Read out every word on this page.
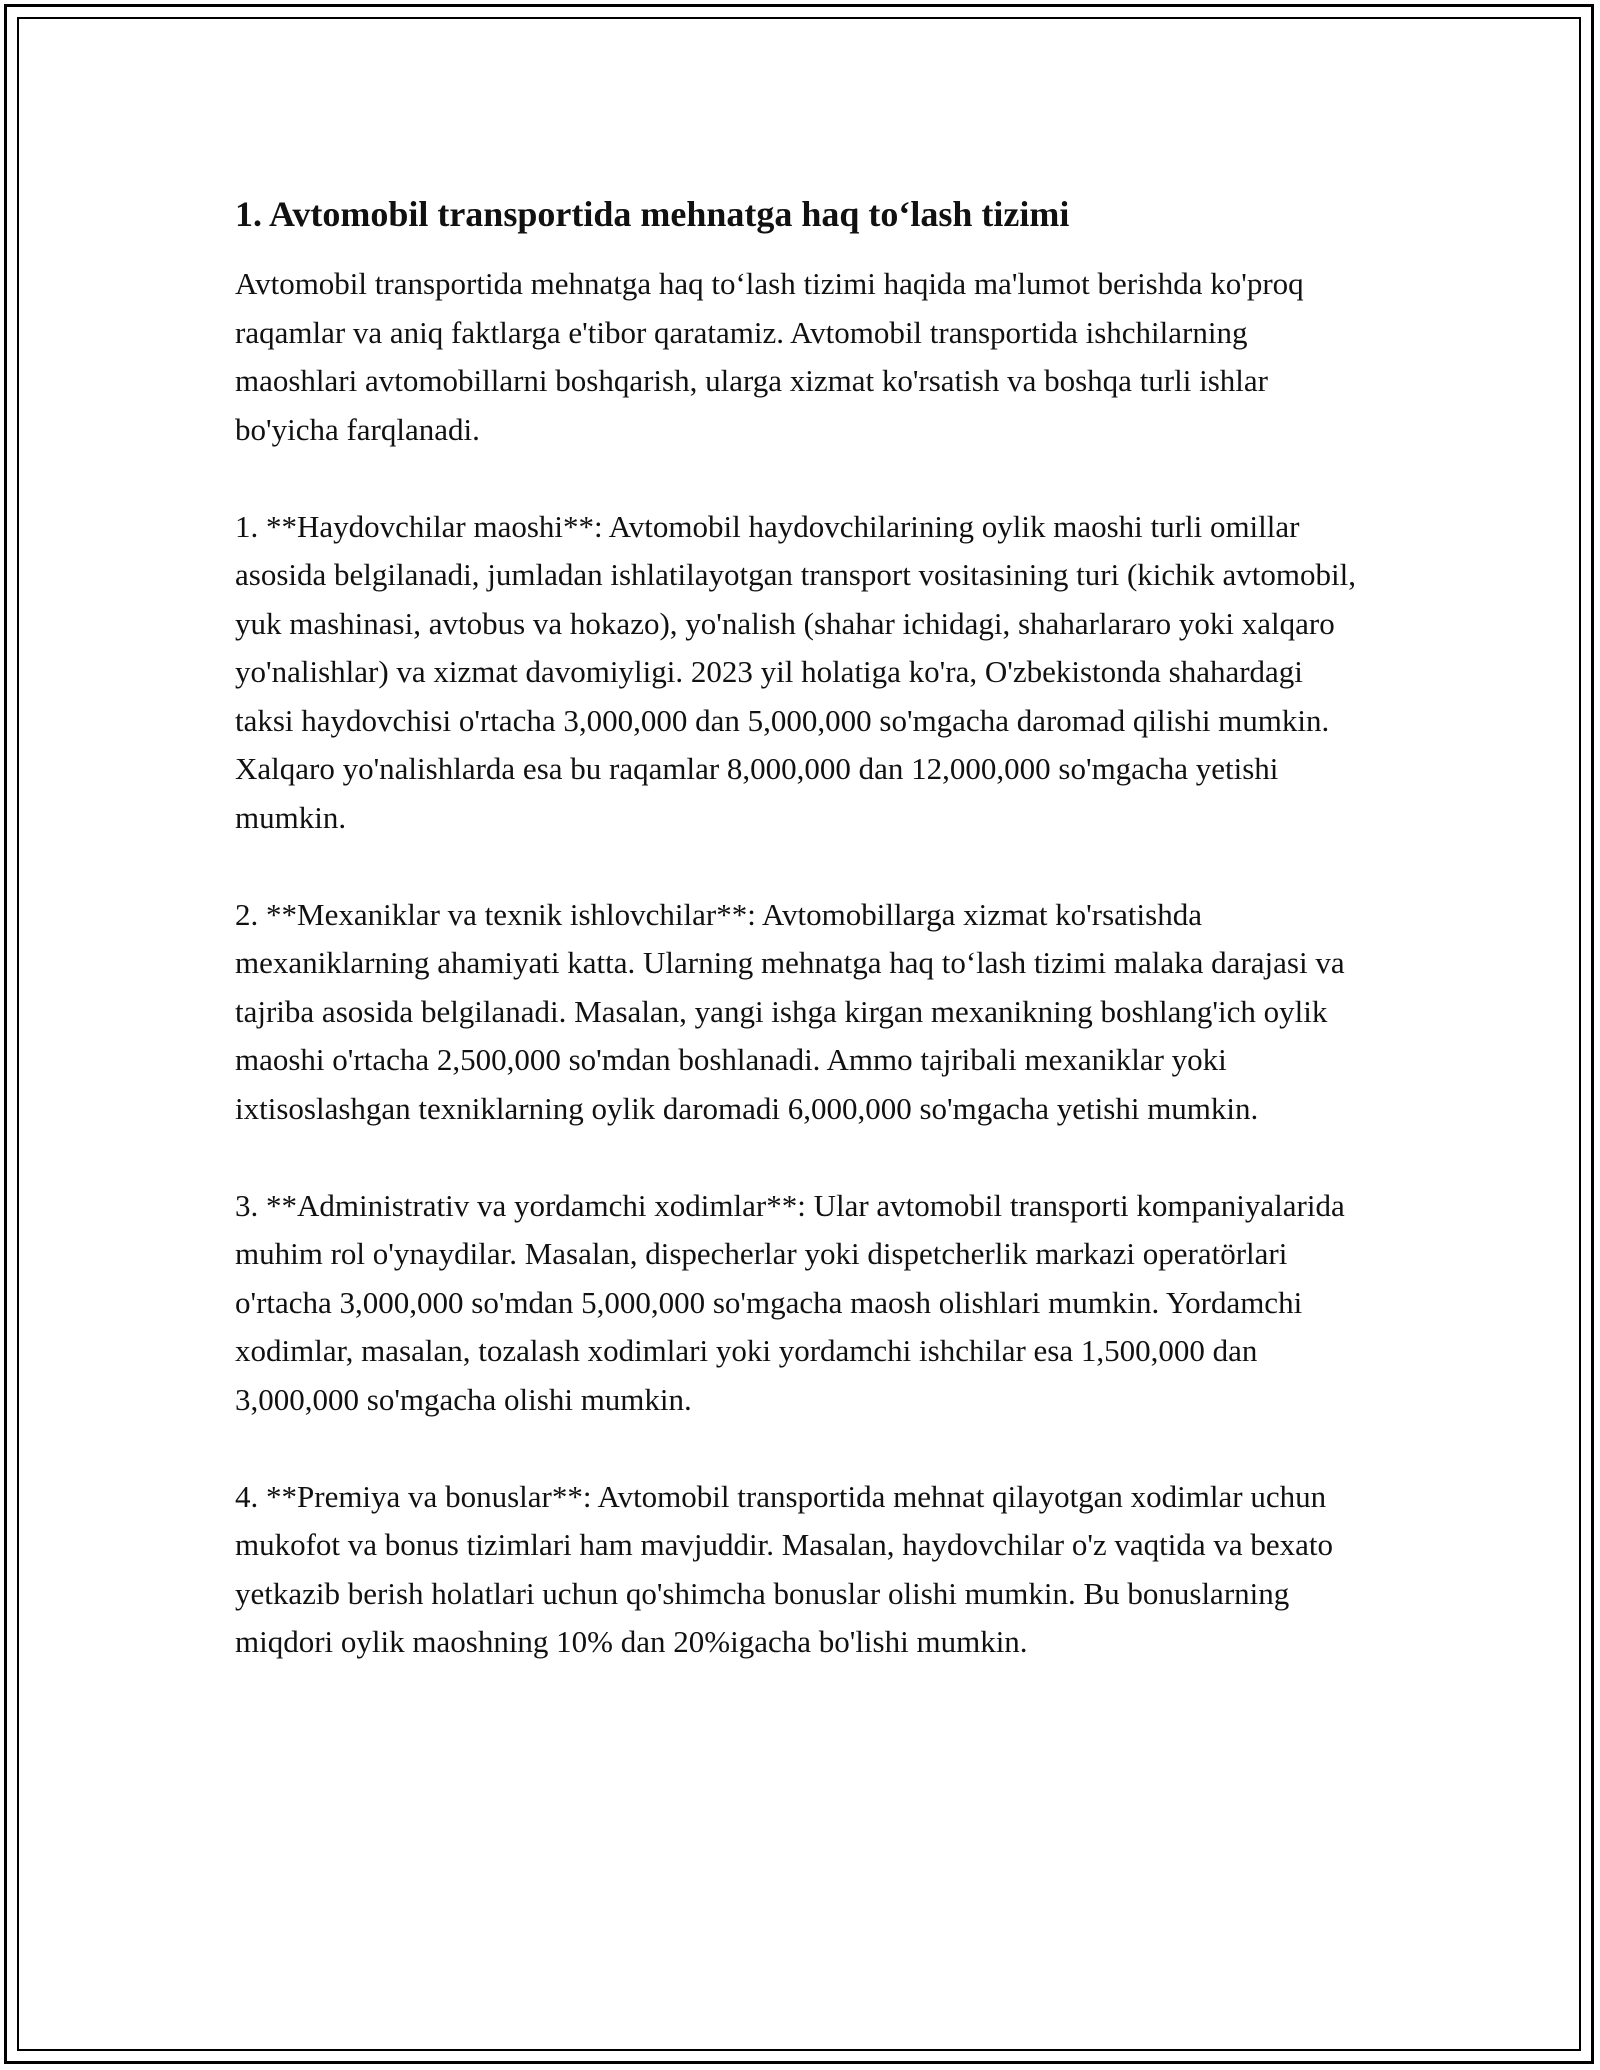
1. Avtomobil transportida mehnatga haq to‘lash tizimi

Avtomobil transportida mehnatga haq to‘lash tizimi haqida ma'lumot berishda ko'proq raqamlar va aniq faktlarga e'tibor qaratamiz. Avtomobil transportida ishchilarning maoshlari avtomobillarni boshqarish, ularga xizmat ko'rsatish va boshqa turli ishlar bo'yicha farqlanadi.

1. **Haydovchilar maoshi**: Avtomobil haydovchilarining oylik maoshi turli omillar asosida belgilanadi, jumladan ishlatilayotgan transport vositasining turi (kichik avtomobil, yuk mashinasi, avtobus va hokazo), yo'nalish (shahar ichidagi, shaharlararo yoki xalqaro yo'nalishlar) va xizmat davomiyligi. 2023 yil holatiga ko'ra, O'zbekistonda shahardagi taksi haydovchisi o'rtacha 3,000,000 dan 5,000,000 so'mgacha daromad qilishi mumkin. Xalqaro yo'nalishlarda esa bu raqamlar 8,000,000 dan 12,000,000 so'mgacha yetishi mumkin.

2. **Mexaniklar va texnik ishlovchilar**: Avtomobillarga xizmat ko'rsatishda mexaniklarning ahamiyati katta. Ularning mehnatga haq to‘lash tizimi malaka darajasi va tajriba asosida belgilanadi. Masalan, yangi ishga kirgan mexanikning boshlang'ich oylik maoshi o'rtacha 2,500,000 so'mdan boshlanadi. Ammo tajribali mexaniklar yoki ixtisoslashgan texniklarning oylik daromadi 6,000,000 so'mgacha yetishi mumkin.

3. **Administrativ va yordamchi xodimlar**: Ular avtomobil transporti kompaniyalarida muhim rol o'ynaydilar. Masalan, dispecherlar yoki dispetcherlik markazi operatörlari o'rtacha 3,000,000 so'mdan 5,000,000 so'mgacha maosh olishlari mumkin. Yordamchi xodimlar, masalan, tozalash xodimlari yoki yordamchi ishchilar esa 1,500,000 dan 3,000,000 so'mgacha olishi mumkin.

4. **Premiya va bonuslar**: Avtomobil transportida mehnat qilayotgan xodimlar uchun mukofot va bonus tizimlari ham mavjuddir. Masalan, haydovchilar o'z vaqtida va bexato yetkazib berish holatlari uchun qo'shimcha bonuslar olishi mumkin. Bu bonuslarning miqdori oylik maoshning 10% dan 20%igacha bo'lishi mumkin.
